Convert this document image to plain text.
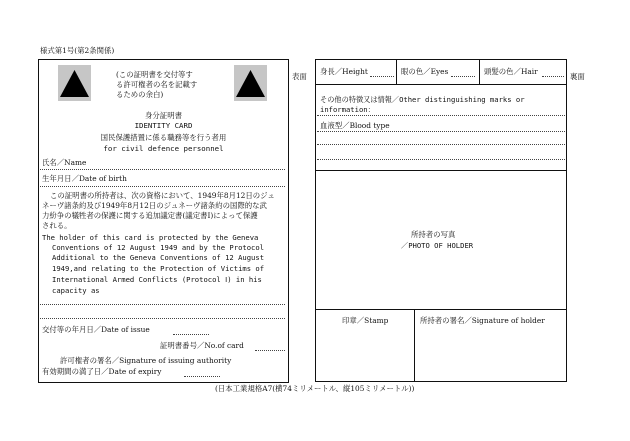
様式第1号(第2条関係)
(この証明書を交付等す
る許可権者の名を記載す
るための余白)
身分証明書
IDENTITY CARD
国民保護措置に係る職務等を行う者用
for civil defence personnel
氏名／Name
生年月日／Date of birth
この証明書の所持者は、次の資格において、1949年8月12日のジュ
ネーヴ諸条約及び1949年8月12日のジュネーヴ諸条約の国際的な武
力紛争の犠牲者の保護に関する追加議定書(議定書Ⅰ)によって保護
される。
The holder of this card is protected by the Geneva
Conventions of 12 August 1949 and by the Protocol
Additional to the Geneva Conventions of 12 August
1949,and relating to the Protection of Victims of
International Armed Conflicts (Protocol Ⅰ) in his
capacity as
交付等の年月日／Date of issue
証明書番号／No.of card
許可権者の署名／Signature of issuing authority
有効期間の満了日／Date of expiry
表面	裏面
身長／Height	眼の色／Eyes	頭髪の色／Hair
その他の特徴又は情報／Other distinguishing marks or
information：
血液型／Blood type
所持者の写真
／PHOTO OF HOLDER
印章／Stamp	所持者の署名／Signature of holder
(日本工業規格A7(横74ミリメートル、縦105ミリメートル))
